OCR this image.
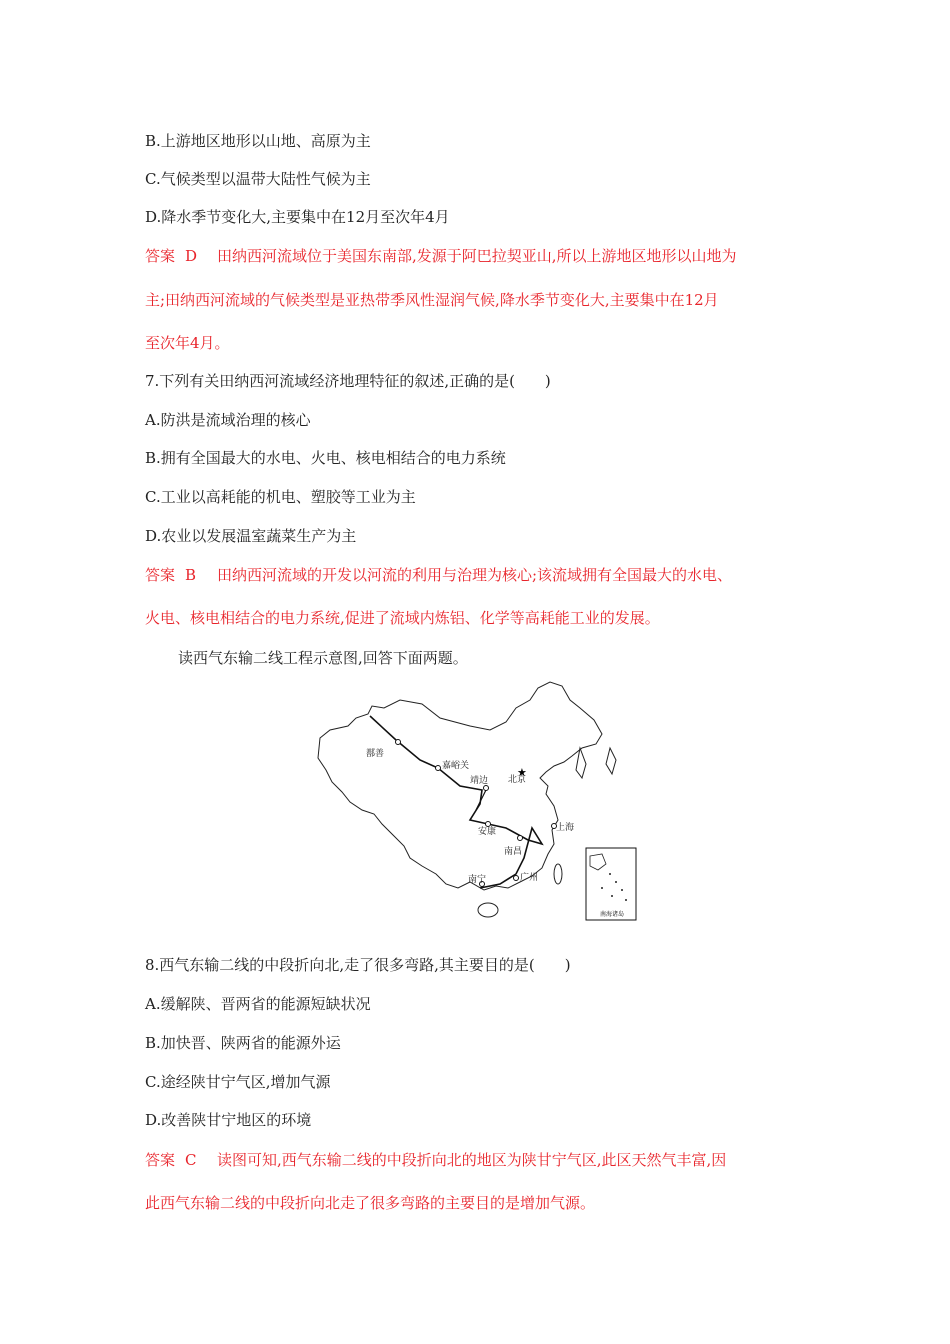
B.上游地区地形以山地、高原为主
C.气候类型以温带大陆性气候为主
D.降水季节变化大,主要集中在12月至次年4月
答案 D 田纳西河流域位于美国东南部,发源于阿巴拉契亚山,所以上游地区地形以山地为
主;田纳西河流域的气候类型是亚热带季风性湿润气候,降水季节变化大,主要集中在12月
至次年4月。
7.下列有关田纳西河流域经济地理特征的叙述,正确的是(　　)
A.防洪是流域治理的核心
B.拥有全国最大的水电、火电、核电相结合的电力系统
C.工业以高耗能的机电、塑胶等工业为主
D.农业以发展温室蔬菜生产为主
答案 B 田纳西河流域的开发以河流的利用与治理为核心;该流域拥有全国最大的水电、
火电、核电相结合的电力系统,促进了流域内炼铝、化学等高耗能工业的发展。
读西气东输二线工程示意图,回答下面两题。
★
鄯善
嘉峪关
靖边 北京
安康	上海
南昌
南宁	广州
南海诸岛
8.西气东输二线的中段折向北,走了很多弯路,其主要目的是(　　)
A.缓解陕、晋两省的能源短缺状况
B.加快晋、陕两省的能源外运
C.途经陕甘宁气区,增加气源
D.改善陕甘宁地区的环境
答案 C 读图可知,西气东输二线的中段折向北的地区为陕甘宁气区,此区天然气丰富,因
此西气东输二线的中段折向北走了很多弯路的主要目的是增加气源。
